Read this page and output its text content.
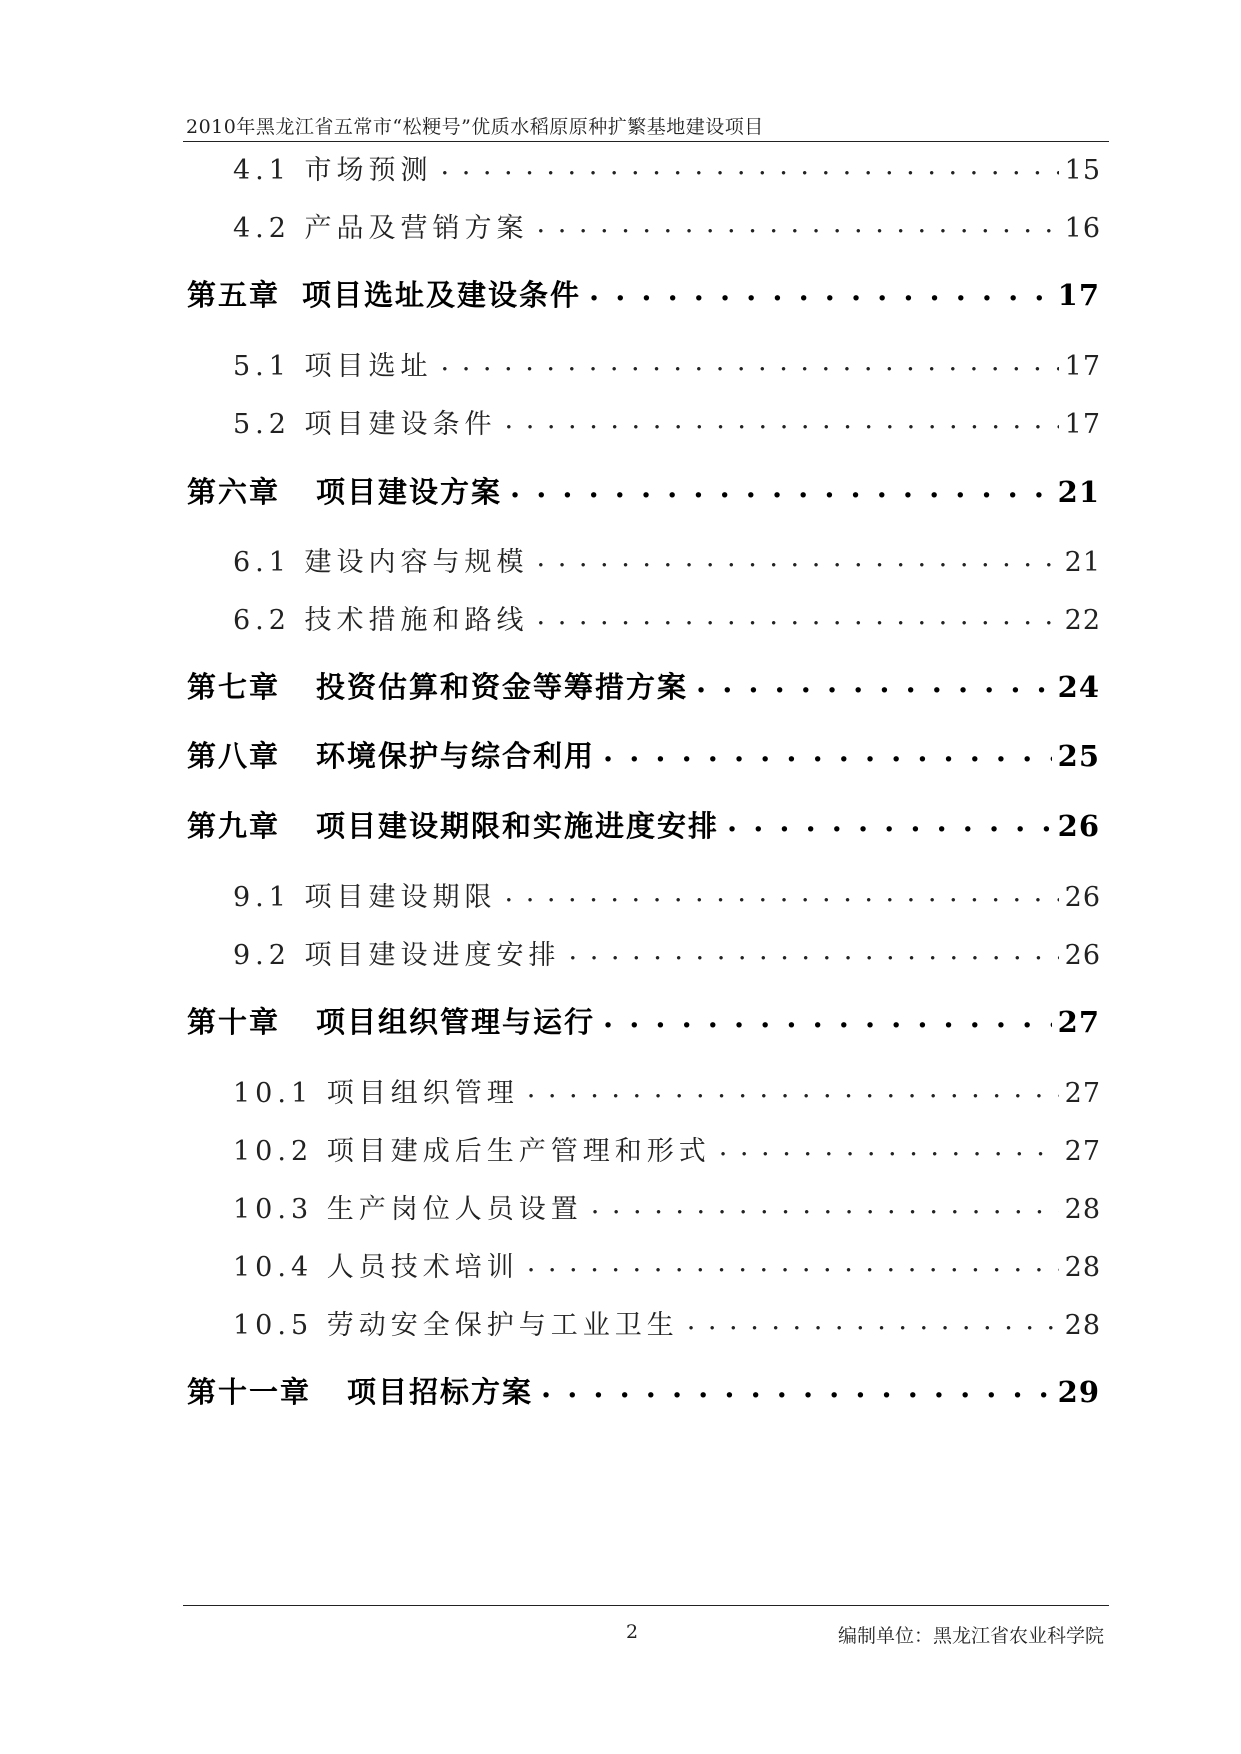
2010年黑龙江省五常市“松粳号”优质水稻原原种扩繁基地建设项目
4.1 市场预测 . . .	15
4.2 产品及营销方案 . . .	16
第五章 项目选址及建设条件 . . .	17
5.1 项目选址 . . .	17
5.2 项目建设条件 . . .	17
第六章 项目建设方案 . . .	21
6.1 建设内容与规模 . . .	21
6.2 技术措施和路线 . . .	22
第七章 投资估算和资金等筹措方案 . . .	24
第八章 环境保护与综合利用 . . .	25
第九章 项目建设期限和实施进度安排 . . .	26
9.1 项目建设期限 . . .	26
9.2 项目建设进度安排 . . .	26
第十章 项目组织管理与运行 . . .	27
10.1 项目组织管理 . . .	27
10.2 项目建成后生产管理和形式 . . .	27
10.3 生产岗位人员设置 . . .	28
10.4 人员技术培训 . . .	28
10.5 劳动安全保护与工业卫生 . . .	28
第十一章 项目招标方案 . . .	29
2	编制单位：黑龙江省农业科学院
